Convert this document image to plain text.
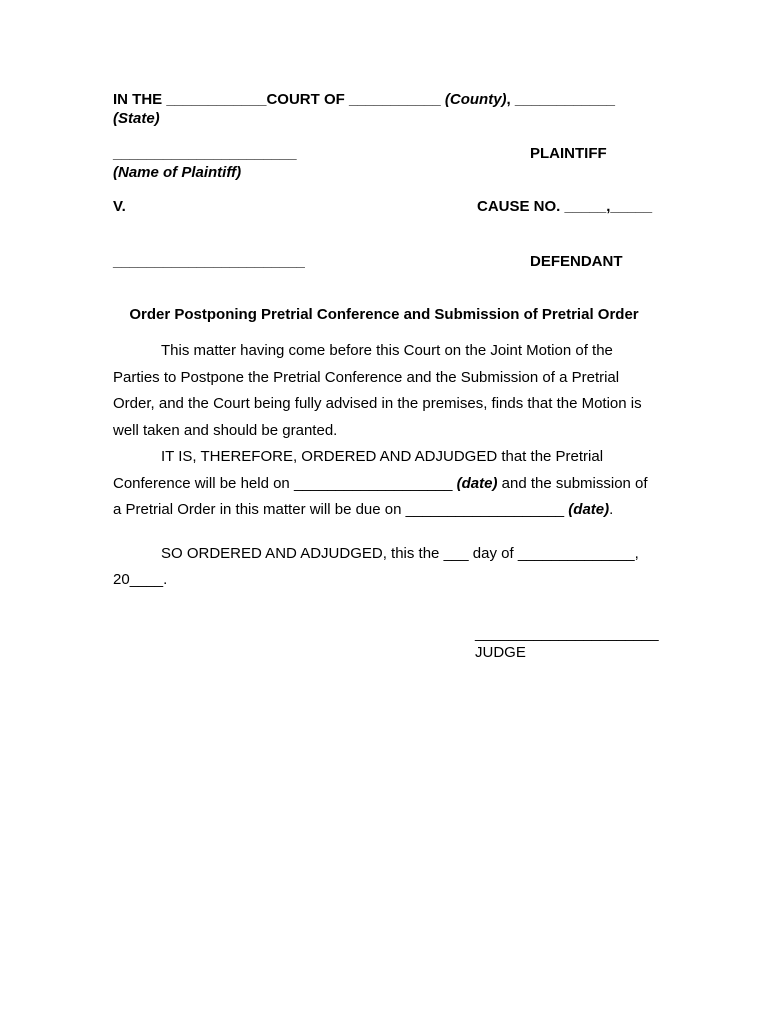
IN THE ____________COURT OF ___________ (County), ____________ (State)

______________________	PLAINTIFF

(Name of Plaintiff)

V.	CAUSE NO. _____,_____
_______________________	DEFENDANT
Order Postponing Pretrial Conference and Submission of Pretrial Order

This matter having come before this Court on the Joint Motion of the Parties to Postpone the Pretrial Conference and the Submission of a Pretrial Order, and the Court being fully advised in the premises, finds that the Motion is well taken and should be granted.

IT IS, THEREFORE, ORDERED AND ADJUDGED that the Pretrial Conference will be held on ___________________ (date) and the submission of a Pretrial Order in this matter will be due on ___________________ (date).

SO ORDERED AND ADJUDGED, this the ___ day of ______________, 20____.

______________________
JUDGE
